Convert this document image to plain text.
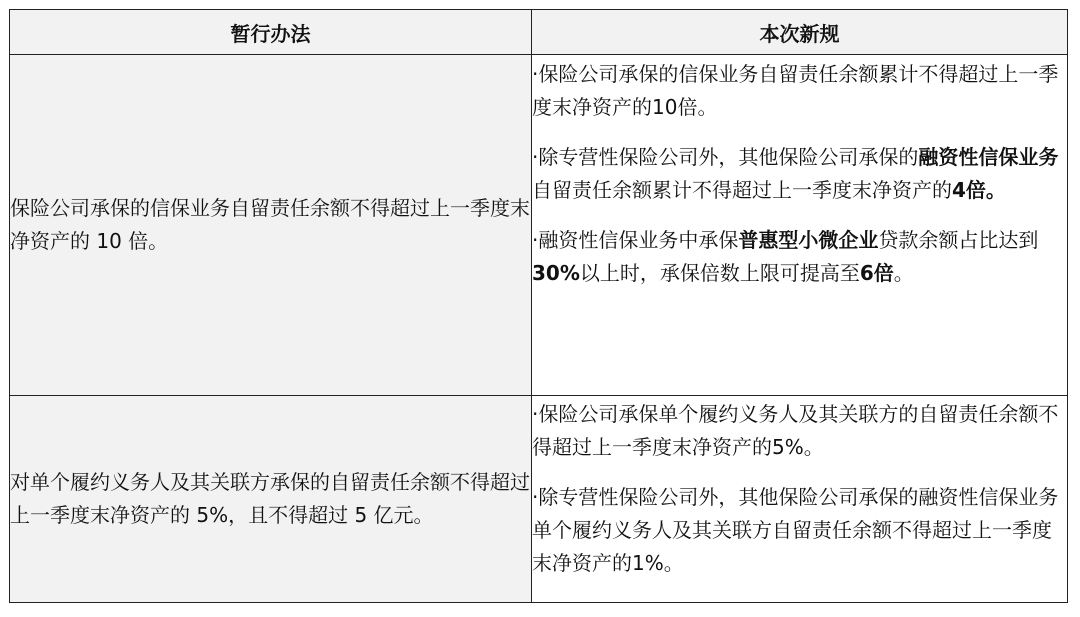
暂行办法	本次新规
保险公司承保的信保业务自留责任余额不得超过上一季度末净资产的 10 倍。	·保险公司承保的信保业务自留责任余额累计不得超过上一季度末净资产的10倍。

·除专营性保险公司外，其他保险公司承保的融资性信保业务自留责任余额累计不得超过上一季度末净资产的4倍。

·融资性信保业务中承保普惠型小微企业贷款余额占比达到30%以上时，承保倍数上限可提高至6倍。

对单个履约义务人及其关联方承保的自留责任余额不得超过上一季度末净资产的 5%，且不得超过 5 亿元。	·保险公司承保单个履约义务人及其关联方的自留责任余额不得超过上一季度末净资产的5%。

·除专营性保险公司外，其他保险公司承保的融资性信保业务单个履约义务人及其关联方自留责任余额不得超过上一季度末净资产的1%。
